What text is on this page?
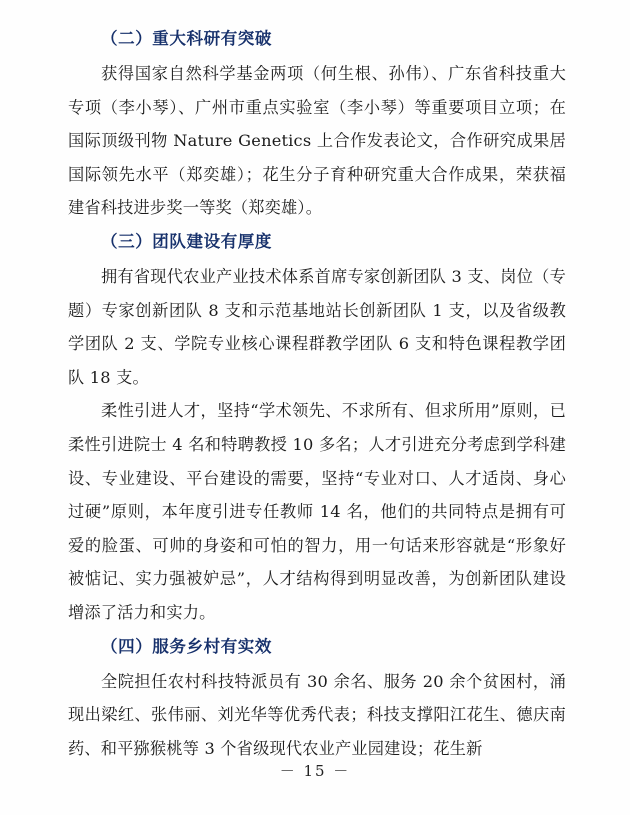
（二）重大科研有突破

获得国家自然科学基金两项（何生根、孙伟）、广东省科技重大专项（李小琴）、广州市重点实验室（李小琴）等重要项目立项；在国际顶级刊物 Nature Genetics 上合作发表论文，合作研究成果居国际领先水平（郑奕雄）；花生分子育种研究重大合作成果，荣获福建省科技进步奖一等奖（郑奕雄）。

（三）团队建设有厚度

拥有省现代农业产业技术体系首席专家创新团队 3 支、岗位（专题）专家创新团队 8 支和示范基地站长创新团队 1 支，以及省级教学团队 2 支、学院专业核心课程群教学团队 6 支和特色课程教学团队 18 支。

柔性引进人才，坚持“学术领先、不求所有、但求所用”原则，已柔性引进院士 4 名和特聘教授 10 多名；人才引进充分考虑到学科建设、专业建设、平台建设的需要，坚持“专业对口、人才适岗、身心过硬”原则，本年度引进专任教师 14 名，他们的共同特点是拥有可爱的脸蛋、可帅的身姿和可怕的智力，用一句话来形容就是“形象好被惦记、实力强被妒忌”，人才结构得到明显改善，为创新团队建设增添了活力和实力。

（四）服务乡村有实效

全院担任农村科技特派员有 30 余名、服务 20 余个贫困村，涌现出梁红、张伟丽、刘光华等优秀代表；科技支撑阳江花生、德庆南药、和平猕猴桃等 3 个省级现代农业产业园建设；花生新

－ 15 －
